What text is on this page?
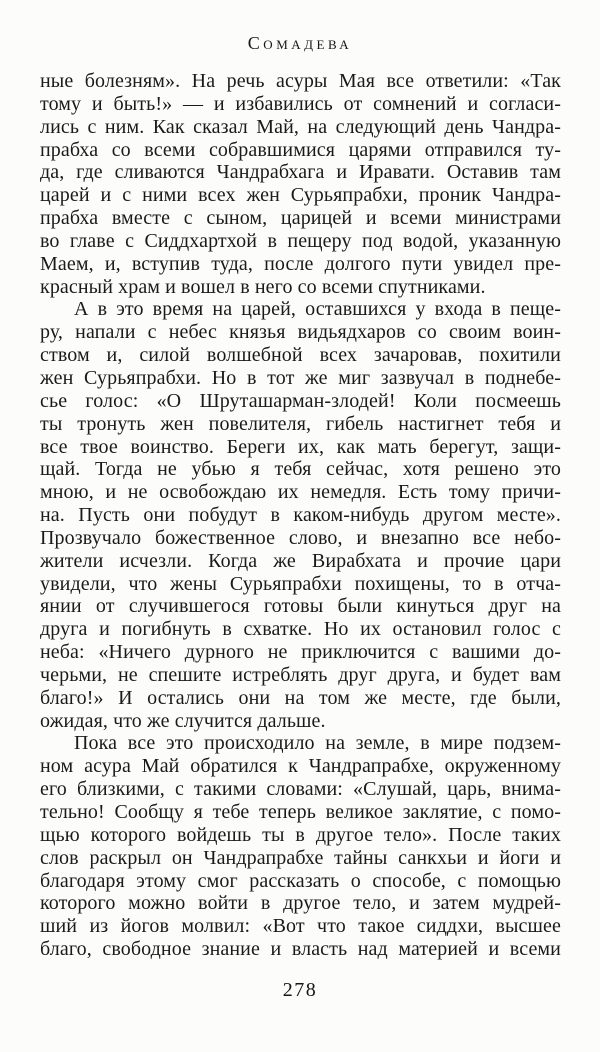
Сомадева
ные болезням». На речь асуры Мая все ответили: «Так
тому и быть!» — и избавились от сомнений и согласи-
лись с ним. Как сказал Май, на следующий день Чандра-
прабха со всеми собравшимися царями отправился ту-
да, где сливаются Чандрабхага и Иравати. Оставив там
царей и с ними всех жен Сурьяпрабхи, проник Чандра-
прабха вместе с сыном, царицей и всеми министрами
во главе с Сиддхартхой в пещеру под водой, указанную
Маем, и, вступив туда, после долгого пути увидел пре-
красный храм и вошел в него со всеми спутниками.
А в это время на царей, оставшихся у входа в пеще-
ру, напали с небес князья видьядхаров со своим воин-
ством и, силой волшебной всех зачаровав, похитили
жен Сурьяпрабхи. Но в тот же миг зазвучал в поднебе-
сье голос: «О Шруташарман-злодей! Коли посмеешь
ты тронуть жен повелителя, гибель настигнет тебя и
все твое воинство. Береги их, как мать берегут, защи-
щай. Тогда не убью я тебя сейчас, хотя решено это
мною, и не освобождаю их немедля. Есть тому причи-
на. Пусть они побудут в каком-нибудь другом месте».
Прозвучало божественное слово, и внезапно все небо-
жители исчезли. Когда же Вирабхата и прочие цари
увидели, что жены Сурьяпрабхи похищены, то в отча-
янии от случившегося готовы были кинуться друг на
друга и погибнуть в схватке. Но их остановил голос с
неба: «Ничего дурного не приключится с вашими до-
черьми, не спешите истреблять друг друга, и будет вам
благо!» И остались они на том же месте, где были,
ожидая, что же случится дальше.
Пока все это происходило на земле, в мире подзем-
ном асура Май обратился к Чандрапрабхе, окруженному
его близкими, с такими словами: «Слушай, царь, внима-
тельно! Сообщу я тебе теперь великое заклятие, с помо-
щью которого войдешь ты в другое тело». После таких
слов раскрыл он Чандрапрабхе тайны санкхьи и йоги и
благодаря этому смог рассказать о способе, с помощью
которого можно войти в другое тело, и затем мудрей-
ший из йогов молвил: «Вот что такое сиддхи, высшее
благо, свободное знание и власть над материей и всеми
278
